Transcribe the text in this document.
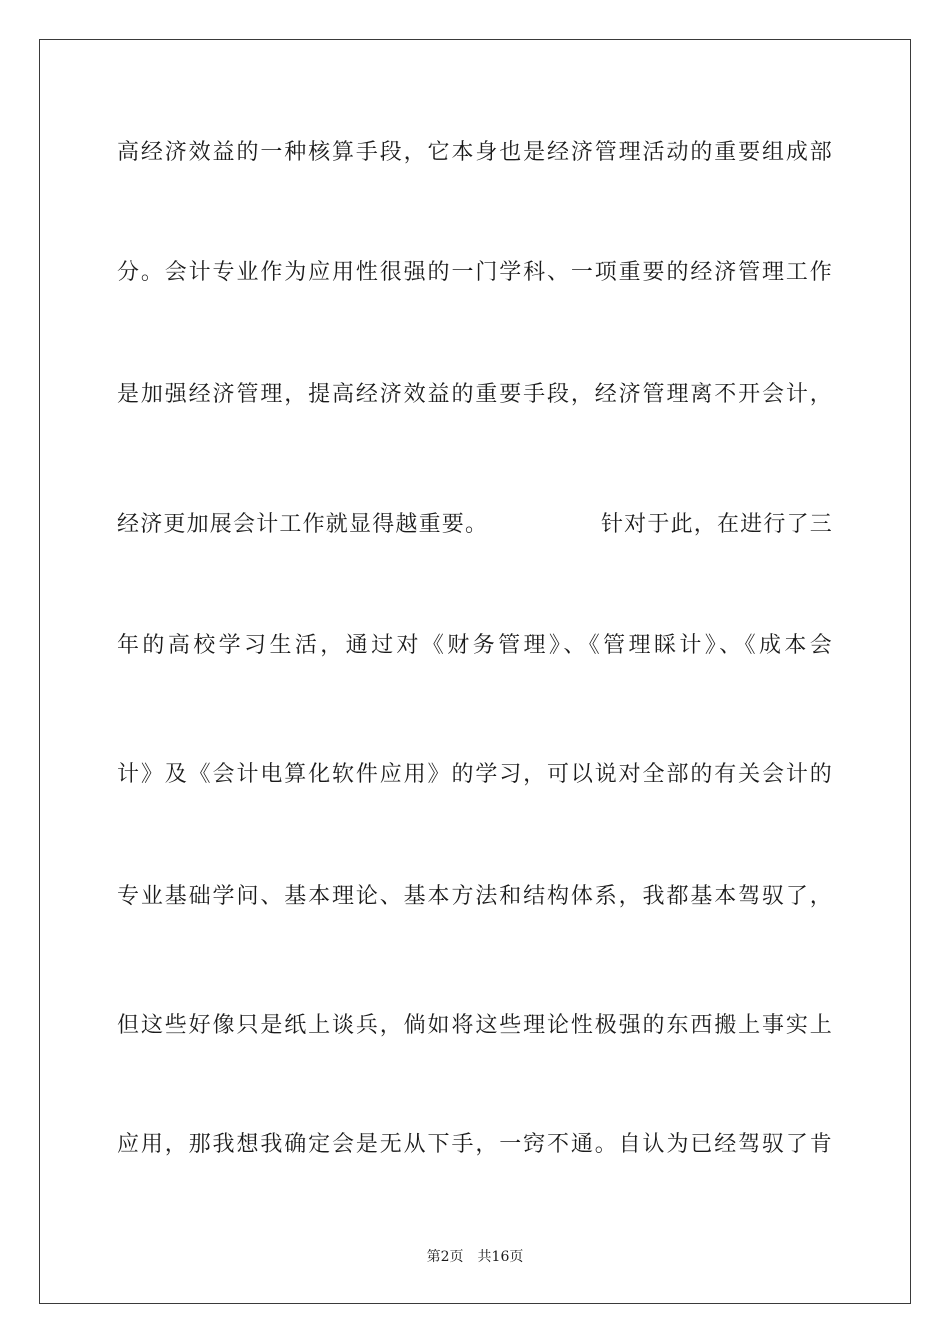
高经济效益的一种核算手段，它本身也是经济管理活动的重要组成部
分。会计专业作为应用性很强的一门学科、一项重要的经济管理工作
是加强经济管理，提高经济效益的重要手段，经济管理离不开会计，
经济更加展会计工作就显得越重要。	针对于此，在进行了三
年的高校学习生活，通过对《财务管理》、《管理睬计》、《成本会
计》及《会计电算化软件应用》的学习，可以说对全部的有关会计的
专业基础学问、基本理论、基本方法和结构体系，我都基本驾驭了，
但这些好像只是纸上谈兵，倘如将这些理论性极强的东西搬上事实上
应用，那我想我确定会是无从下手，一窍不通。自认为已经驾驭了肯
第2页 共16页
